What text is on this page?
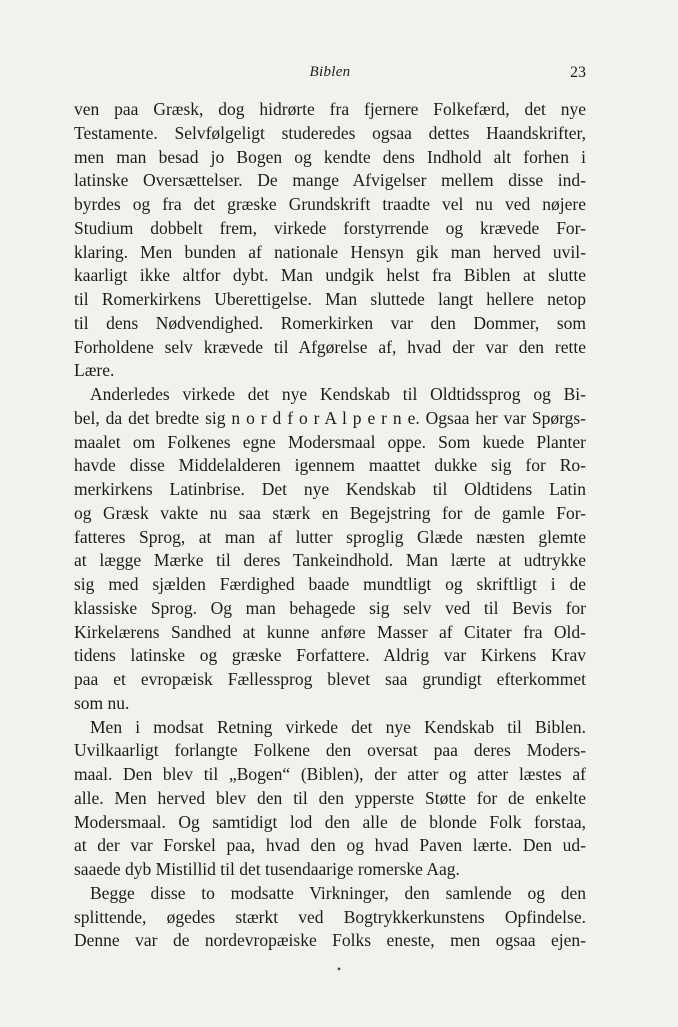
Biblen	23
ven paa Græsk, dog hidrørte fra fjernere Folkefærd, det nye
Testamente. Selvfølgeligt studeredes ogsaa dettes Haandskrifter,
men man besad jo Bogen og kendte dens Indhold alt forhen i
latinske Oversættelser. De mange Afvigelser mellem disse ind-
byrdes og fra det græske Grundskrift traadte vel nu ved nøjere
Studium dobbelt frem, virkede forstyrrende og krævede For-
klaring. Men bunden af nationale Hensyn gik man herved uvil-
kaarligt ikke altfor dybt. Man undgik helst fra Biblen at slutte
til Romerkirkens Uberettigelse. Man sluttede langt hellere netop
til dens Nødvendighed. Romerkirken var den Dommer, som
Forholdene selv krævede til Afgørelse af, hvad der var den rette
Lære.
Anderledes virkede det nye Kendskab til Oldtidssprog og Bi-
bel, da det bredte sig n o r d f o r A l p e r n e. Ogsaa her var Spørgs-
maalet om Folkenes egne Modersmaal oppe. Som kuede Planter
havde disse Middelalderen igennem maattet dukke sig for Ro-
merkirkens Latinbrise. Det nye Kendskab til Oldtidens Latin
og Græsk vakte nu saa stærk en Begejstring for de gamle For-
fatteres Sprog, at man af lutter sproglig Glæde næsten glemte
at lægge Mærke til deres Tankeindhold. Man lærte at udtrykke
sig med sjælden Færdighed baade mundtligt og skriftligt i de
klassiske Sprog. Og man behagede sig selv ved til Bevis for
Kirkelærens Sandhed at kunne anføre Masser af Citater fra Old-
tidens latinske og græske Forfattere. Aldrig var Kirkens Krav
paa et evropæisk Fællessprog blevet saa grundigt efterkommet
som nu.
Men i modsat Retning virkede det nye Kendskab til Biblen.
Uvilkaarligt forlangte Folkene den oversat paa deres Moders-
maal. Den blev til „Bogen“ (Biblen), der atter og atter læstes af
alle. Men herved blev den til den ypperste Støtte for de enkelte
Modersmaal. Og samtidigt lod den alle de blonde Folk forstaa,
at der var Forskel paa, hvad den og hvad Paven lærte. Den ud-
saaede dyb Mistillid til det tusendaarige romerske Aag.
Begge disse to modsatte Virkninger, den samlende og den
splittende, øgedes stærkt ved Bogtrykkerkunstens Opfindelse.
Denne var de nordevropæiske Folks eneste, men ogsaa ejen-
•
